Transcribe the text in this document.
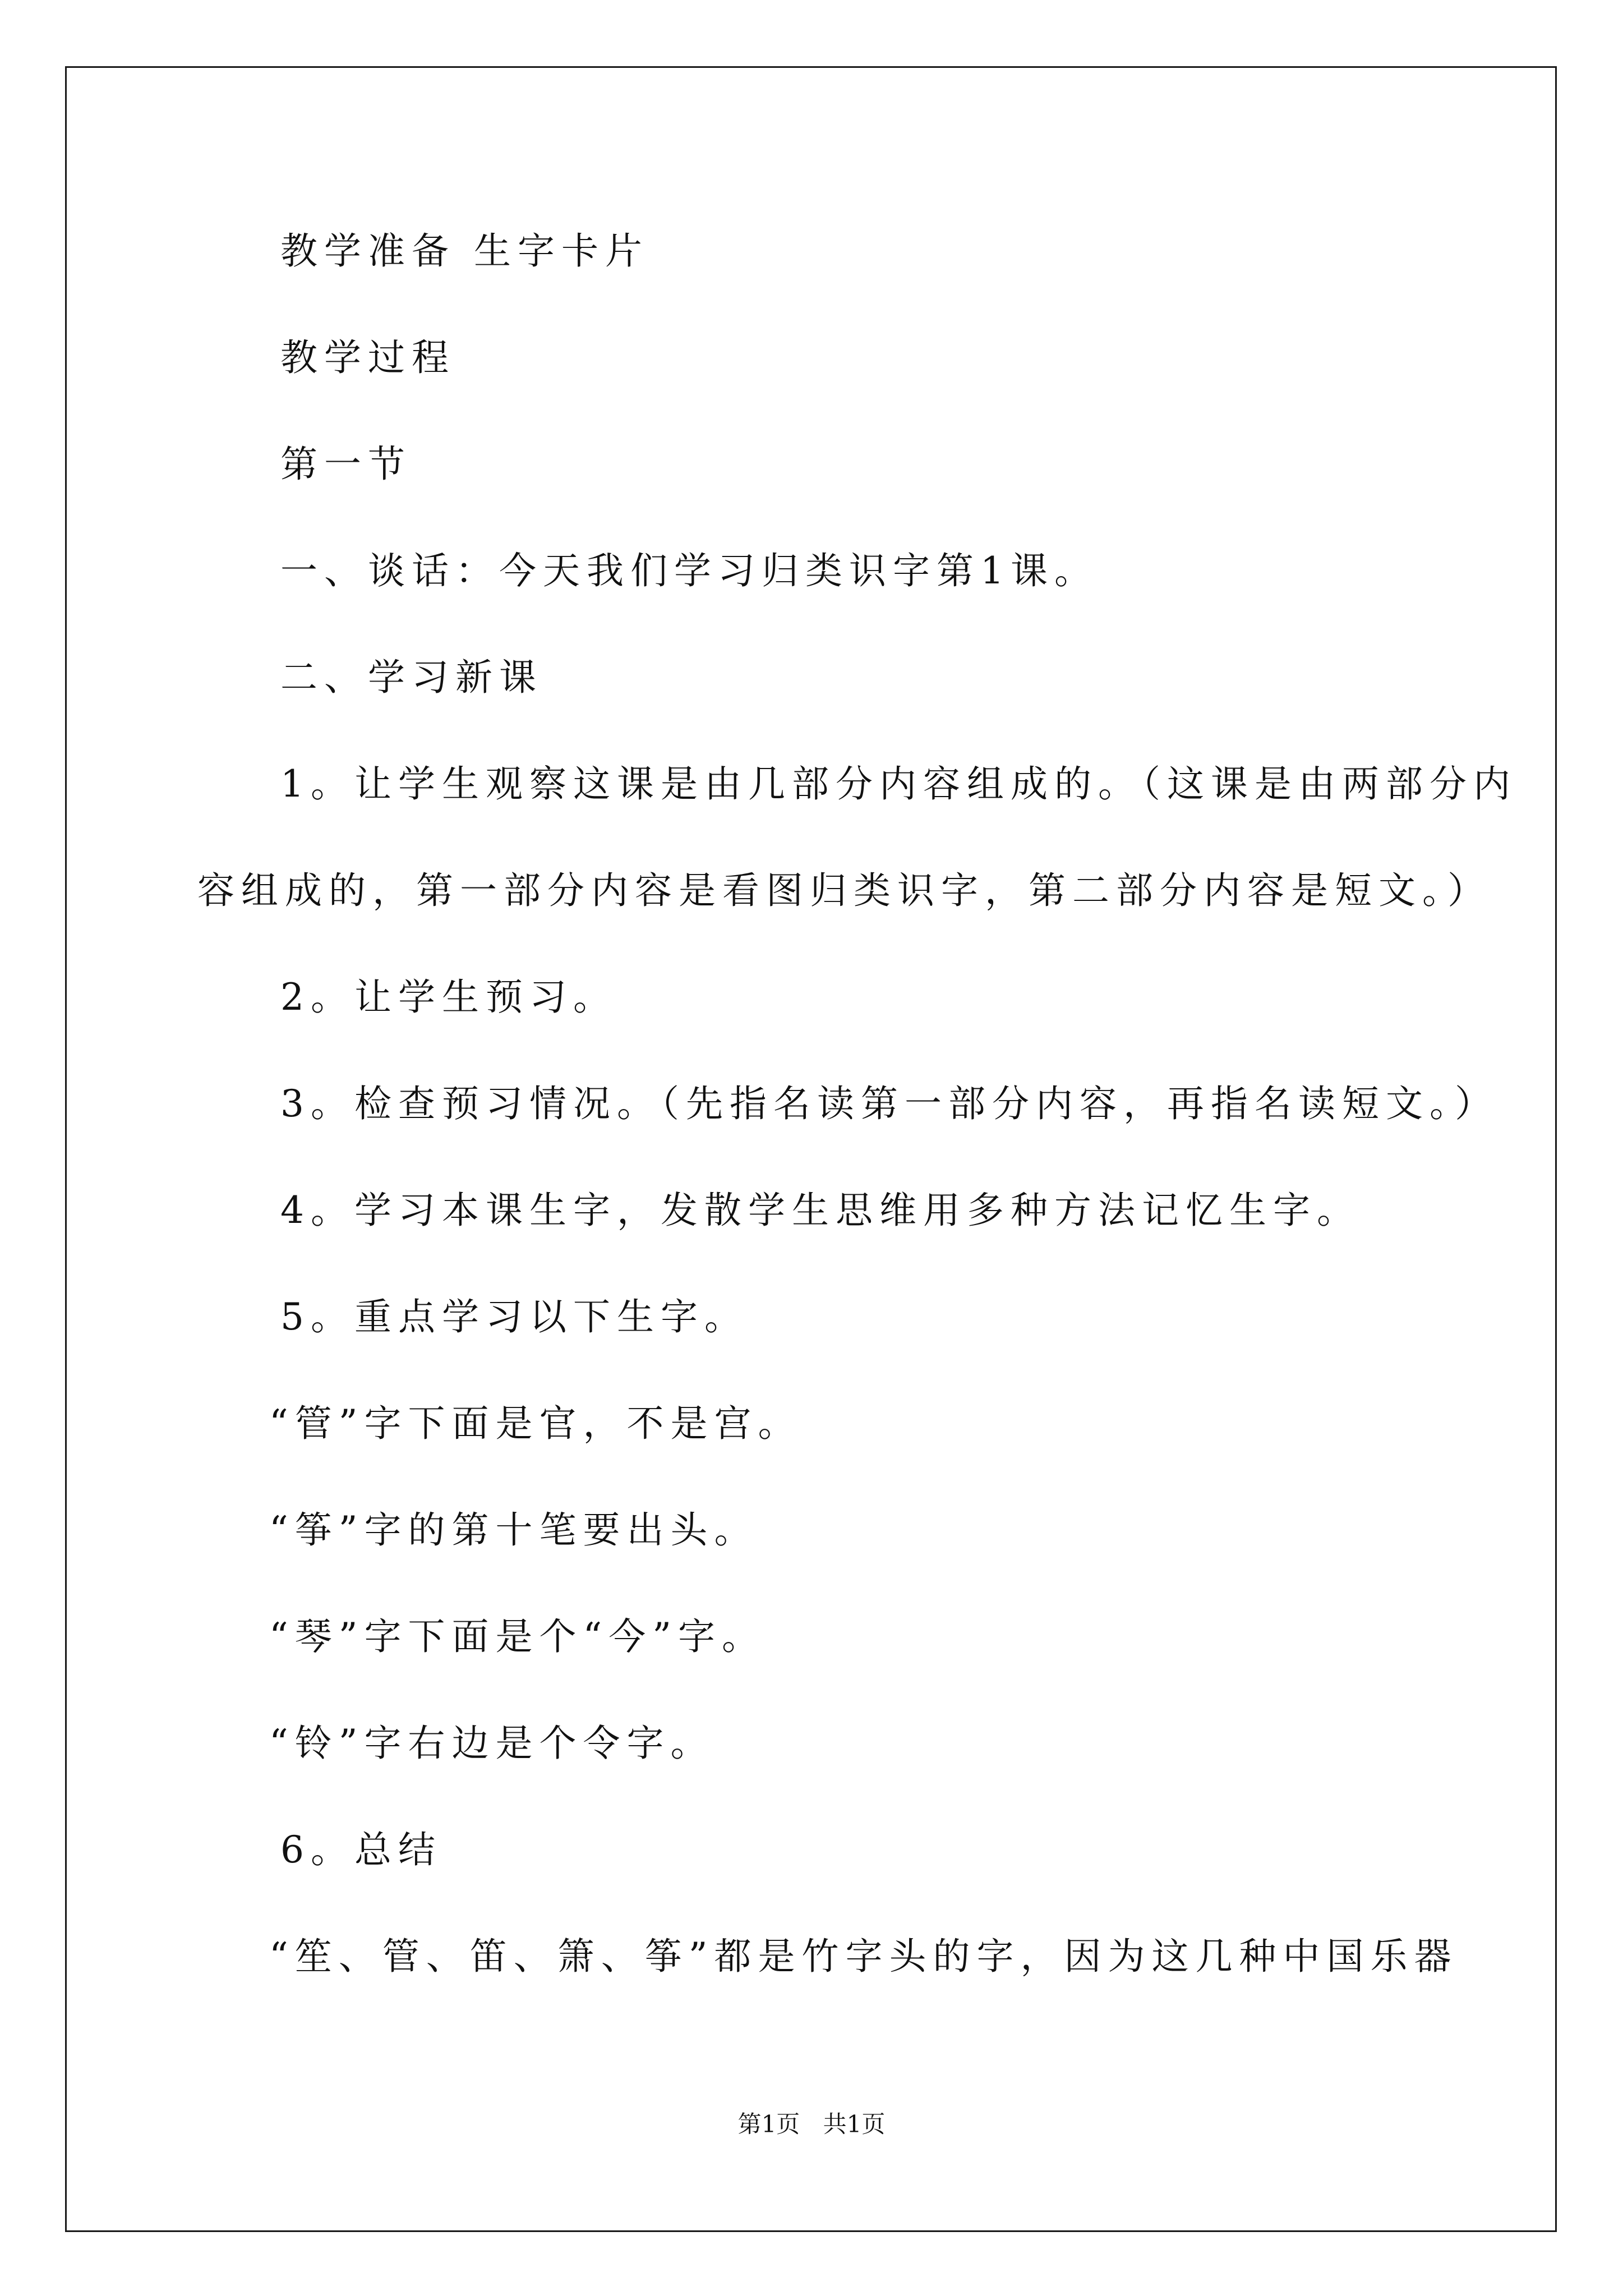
教学准备 生字卡片
教学过程
第一节
一、谈话：今天我们学习归类识字第1课。
二、学习新课
1。让学生观察这课是由几部分内容组成的。（这课是由两部分内
容组成的，第一部分内容是看图归类识字，第二部分内容是短文。）
2。让学生预习。
3。检查预习情况。（先指名读第一部分内容，再指名读短文。）
4。学习本课生字，发散学生思维用多种方法记忆生字。
5。重点学习以下生字。
“管”字下面是官，不是宫。
“筝”字的第十笔要出头。
“琴”字下面是个“今”字。
“铃”字右边是个令字。
6。总结
“笙、管、笛、箫、筝”都是竹字头的字，因为这几种中国乐器
第1页 共1页
